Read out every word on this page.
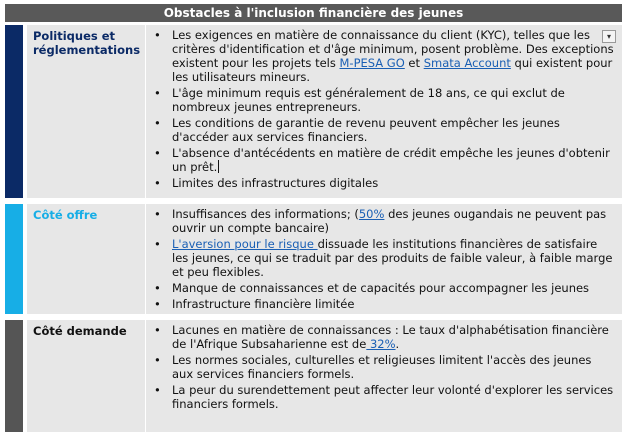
Obstacles à l'inclusion financière des jeunes
Politiques et
réglementations
▾
• Les exigences en matière de connaissance du client (KYC), telles que les critères d'identification et d'âge minimum, posent problème. Des exceptions existent pour les projets tels M-PESA GO et Smata Account qui existent pour les utilisateurs mineurs.
• L'âge minimum requis est généralement de 18 ans, ce qui exclut de nombreux jeunes entrepreneurs.
• Les conditions de garantie de revenu peuvent empêcher les jeunes d'accéder aux services financiers.
• L'absence d'antécédents en matière de crédit empêche les jeunes d'obtenir un prêt.
• Limites des infrastructures digitales
Côté offre	• Insuffisances des informations; (50% des jeunes ougandais ne peuvent pas ouvrir un compte bancaire)
• L'aversion pour le risque dissuade les institutions financières de satisfaire les jeunes, ce qui se traduit par des produits de faible valeur, à faible marge et peu flexibles.
• Manque de connaissances et de capacités pour accompagner les jeunes
• Infrastructure financière limitée
Côté demande • Lacunes en matière de connaissances : Le taux d'alphabétisation financière de l'Afrique Subsaharienne est de 32%.
• Les normes sociales, culturelles et religieuses limitent l'accès des jeunes aux services financiers formels.
• La peur du surendettement peut affecter leur volonté d'explorer les services financiers formels.
